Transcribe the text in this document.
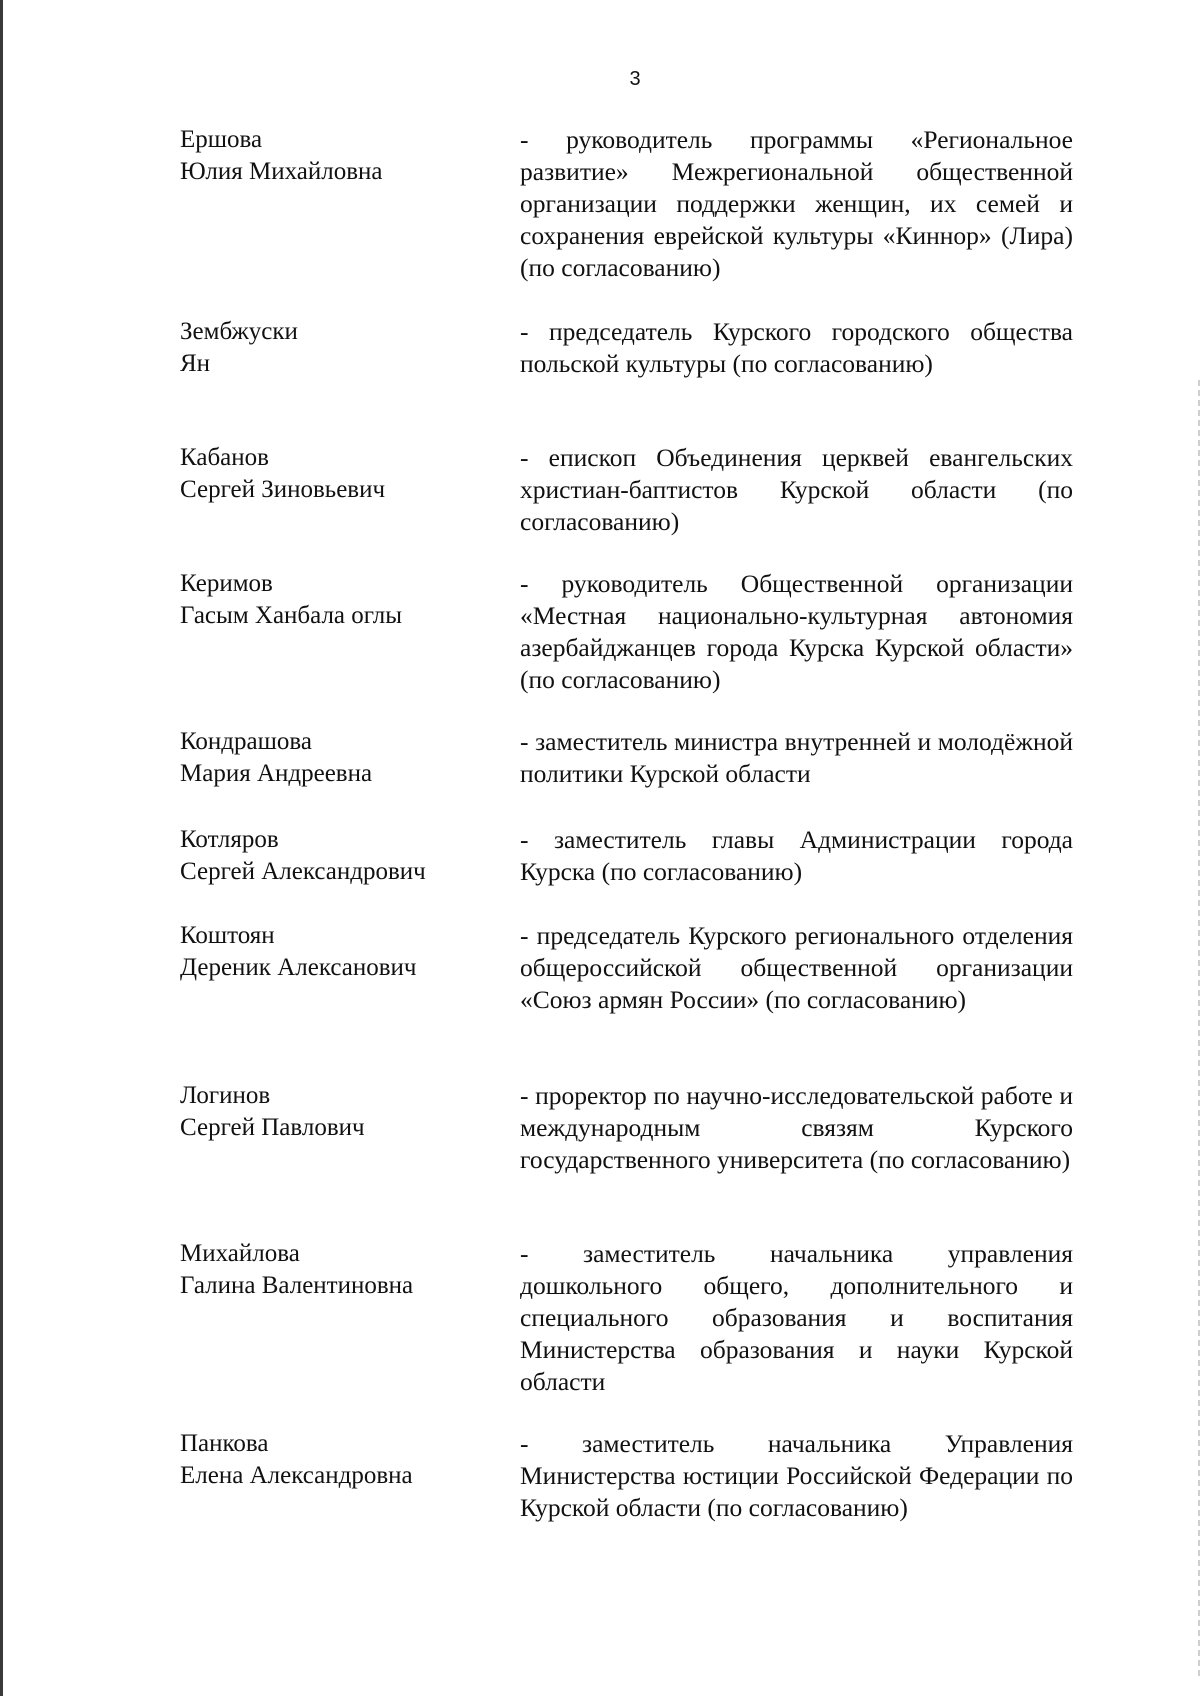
3
Ершова
Юлия Михайловна
- руководитель программы «Региональное развитие» Межрегиональной общественной организации поддержки женщин, их семей и сохранения еврейской культуры «Киннор» (Лира) (по согласованию)
Зембжуски
Ян
- председатель Курского городского общества польской культуры (по согласованию)
Кабанов
Сергей Зиновьевич
- епископ Объединения церквей евангельских христиан-баптистов Курской области (по согласованию)
Керимов
Гасым Ханбала оглы
- руководитель Общественной организации «Местная национально-культурная автономия азербайджанцев города Курска Курской области» (по согласованию)
Кондрашова
Мария Андреевна
- заместитель министра внутренней и молодёжной политики Курской области
Котляров
Сергей Александрович
- заместитель главы Администрации города Курска (по согласованию)
Коштоян
Дереник Алексанович
- председатель Курского регионального отделения общероссийской общественной организации «Союз армян России» (по согласованию)
Логинов
Сергей Павлович
- проректор по научно-исследовательской работе и международным связям Курского государственного университета (по согласованию)
Михайлова
Галина Валентиновна
- заместитель начальника управления дошкольного общего, дополнительного и специального образования и воспитания Министерства образования и науки Курской области
Панкова
Елена Александровна
- заместитель начальника Управления Министерства юстиции Российской Федерации по Курской области (по согласованию)
